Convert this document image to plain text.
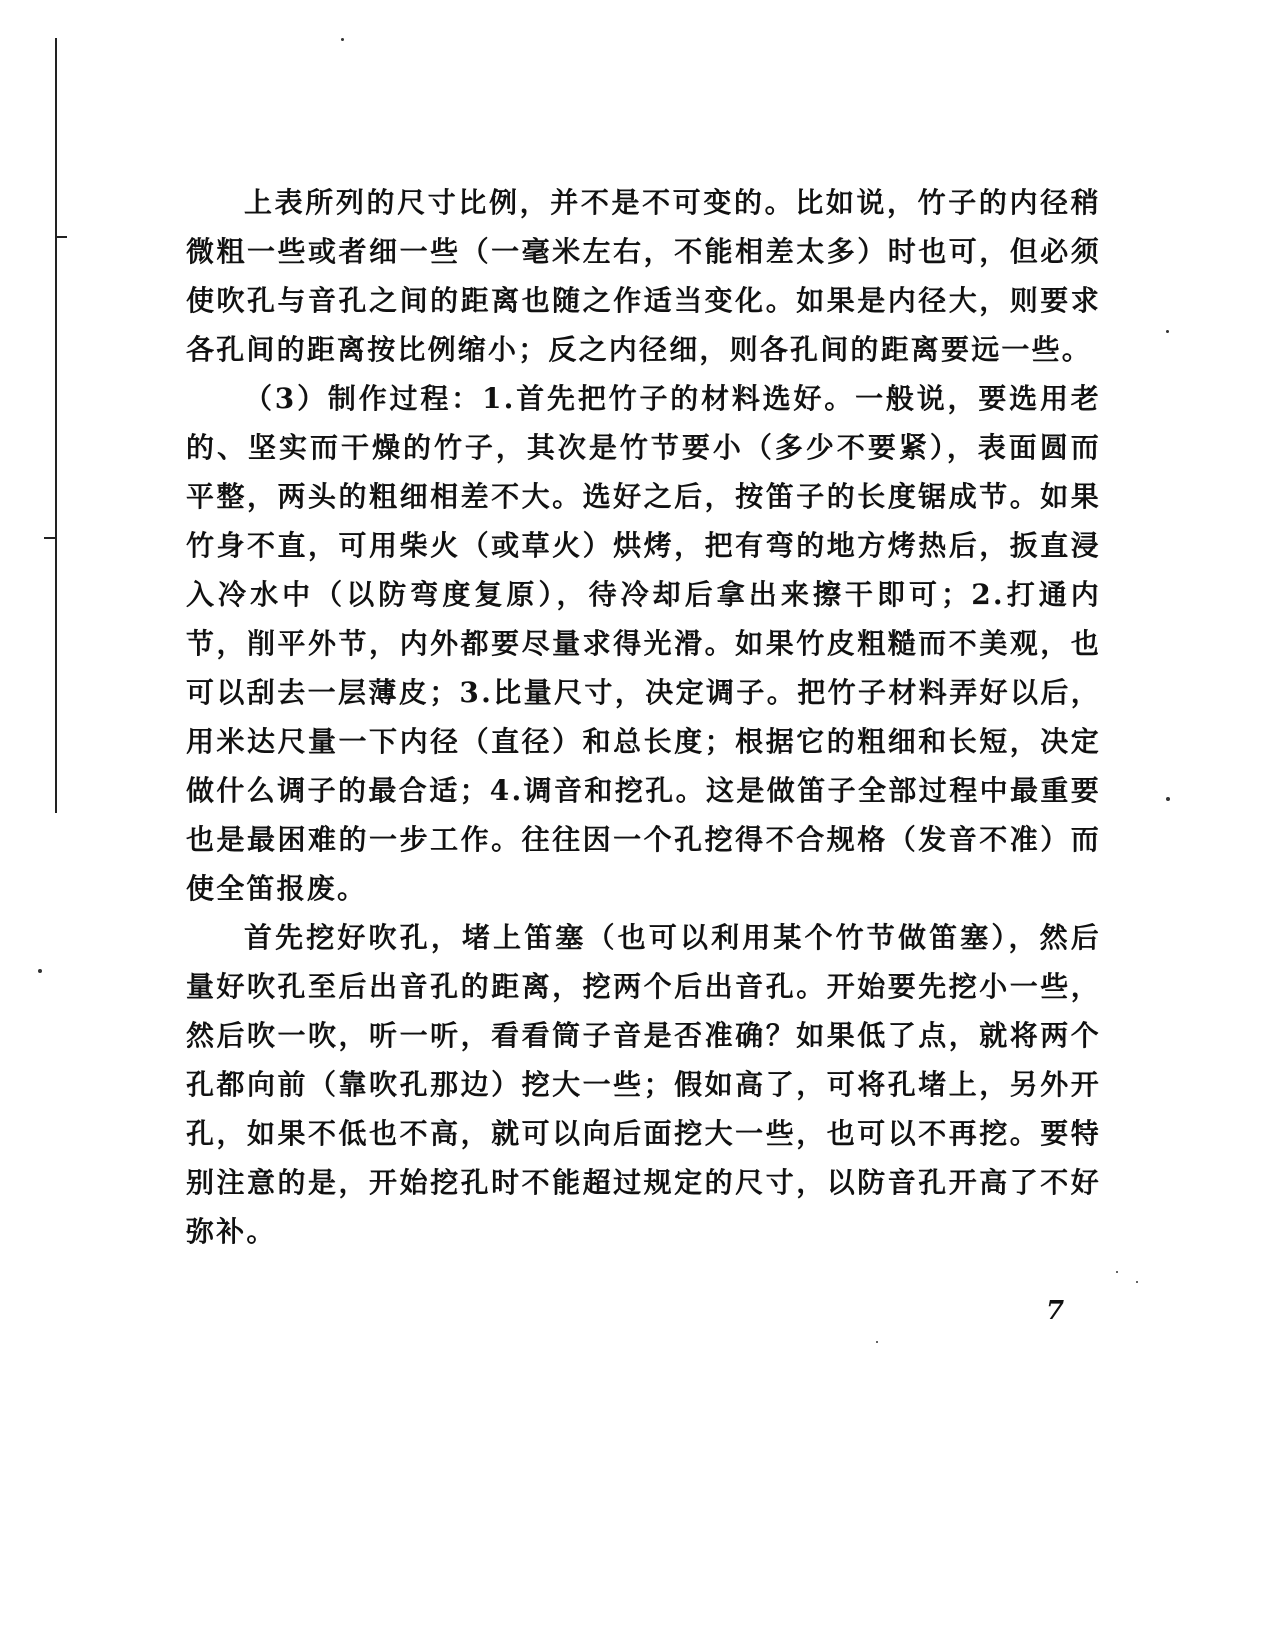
上表所列的尺寸比例，并不是不可变的。比如说，竹子的内径稍微粗一些或者细一些（一毫米左右，不能相差太多）时也可，但必须使吹孔与音孔之间的距离也随之作适当变化。如果是内径大，则要求各孔间的距离按比例缩小；反之内径细，则各孔间的距离要远一些。

（3）制作过程：1.首先把竹子的材料选好。一般说，要选用老的、坚实而干燥的竹子，其次是竹节要小（多少不要紧），表面圆而平整，两头的粗细相差不大。选好之后，按笛子的长度锯成节。如果竹身不直，可用柴火（或草火）烘烤，把有弯的地方烤热后，扳直浸入冷水中（以防弯度复原），待冷却后拿出来擦干即可；2.打通内节，削平外节，内外都要尽量求得光滑。如果竹皮粗糙而不美观，也可以刮去一层薄皮；3.比量尺寸，决定调子。把竹子材料弄好以后，用米达尺量一下内径（直径）和总长度；根据它的粗细和长短，决定做什么调子的最合适；4.调音和挖孔。这是做笛子全部过程中最重要也是最困难的一步工作。往往因一个孔挖得不合规格（发音不准）而使全笛报废。

首先挖好吹孔，堵上笛塞（也可以利用某个竹节做笛塞），然后量好吹孔至后出音孔的距离，挖两个后出音孔。开始要先挖小一些，然后吹一吹，听一听，看看筒子音是否准确？如果低了点，就将两个孔都向前（靠吹孔那边）挖大一些；假如高了，可将孔堵上，另外开孔，如果不低也不高，就可以向后面挖大一些，也可以不再挖。要特别注意的是，开始挖孔时不能超过规定的尺寸，以防音孔开高了不好弥补。

7
